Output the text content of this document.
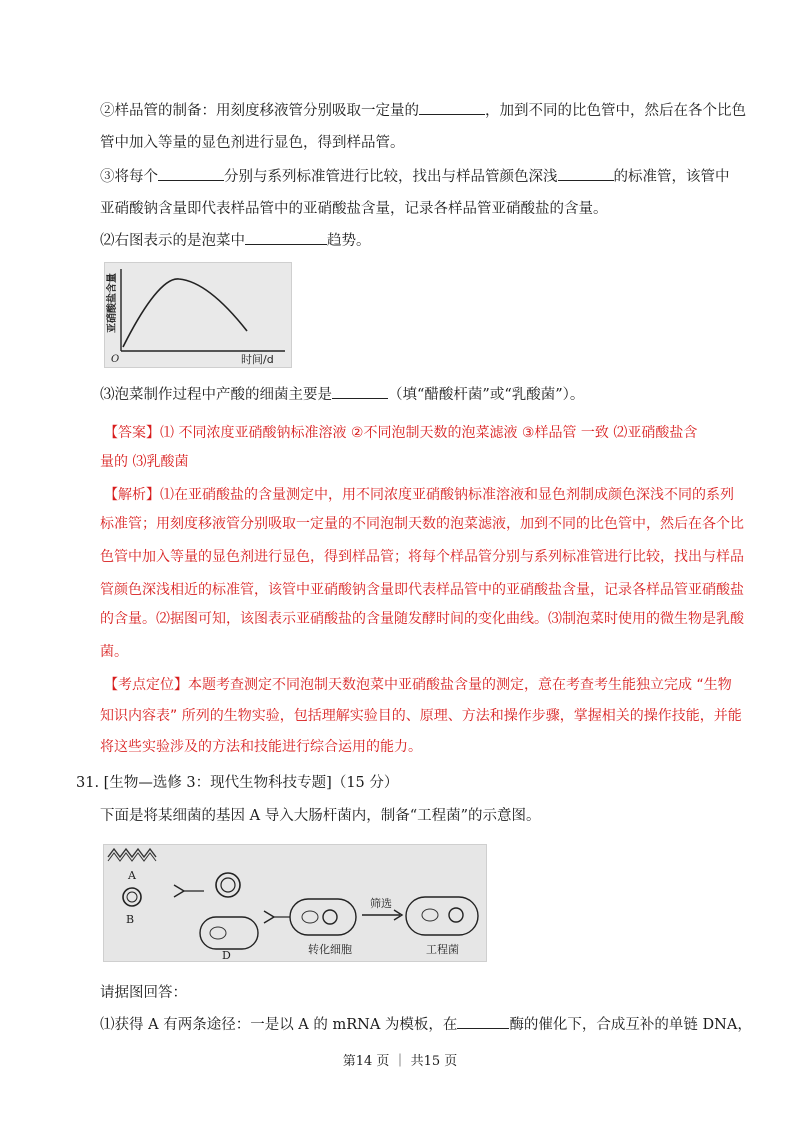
②样品管的制备：用刻度移液管分别吸取一定量的	，加到不同的比色管中，然后在各个比色
管中加入等量的显色剂进行显色，得到样品管。
③将每个	分别与系列标准管进行比较，找出与样品管颜色深浅	的标准管，该管中
亚硝酸钠含量即代表样品管中的亚硝酸盐含量，记录各样品管亚硝酸盐的含量。
⑵右图表示的是泡菜中	趋势。
亚硝酸盐含量
时间/d
O
⑶泡菜制作过程中产酸的细菌主要是	（填“醋酸杆菌”或“乳酸菌”）。
【答案】⑴ 不同浓度亚硝酸钠标准溶液 ②不同泡制天数的泡菜滤液 ③样品管 一致 ⑵亚硝酸盐含
量的 ⑶乳酸菌
【解析】⑴在亚硝酸盐的含量测定中，用不同浓度亚硝酸钠标准溶液和显色剂制成颜色深浅不同的系列
标准管；用刻度移液管分别吸取一定量的不同泡制天数的泡菜滤液，加到不同的比色管中，然后在各个比
色管中加入等量的显色剂进行显色，得到样品管；将每个样品管分别与系列标准管进行比较，找出与样品
管颜色深浅相近的标准管，该管中亚硝酸钠含量即代表样品管中的亚硝酸盐含量，记录各样品管亚硝酸盐
的含量。⑵据图可知，该图表示亚硝酸盐的含量随发酵时间的变化曲线。⑶制泡菜时使用的微生物是乳酸
菌。
【考点定位】本题考查测定不同泡制天数泡菜中亚硝酸盐含量的测定，意在考查考生能独立完成 “生物
知识内容表” 所列的生物实验，包括理解实验目的、原理、方法和操作步骤，掌握相关的操作技能，并能
将这些实验涉及的方法和技能进行综合运用的能力。
31. [生物—选修 3：现代生物科技专题]（15 分）
下面是将某细菌的基因 A 导入大肠杆菌内，制备“工程菌”的示意图。
A
B
D	转化细胞
筛选
工程菌
请据图回答：
⑴获得 A 有两条途径：一是以 A 的 mRNA 为模板，在	酶的催化下，合成互补的单链 DNA，
第14 页 ｜ 共15 页
